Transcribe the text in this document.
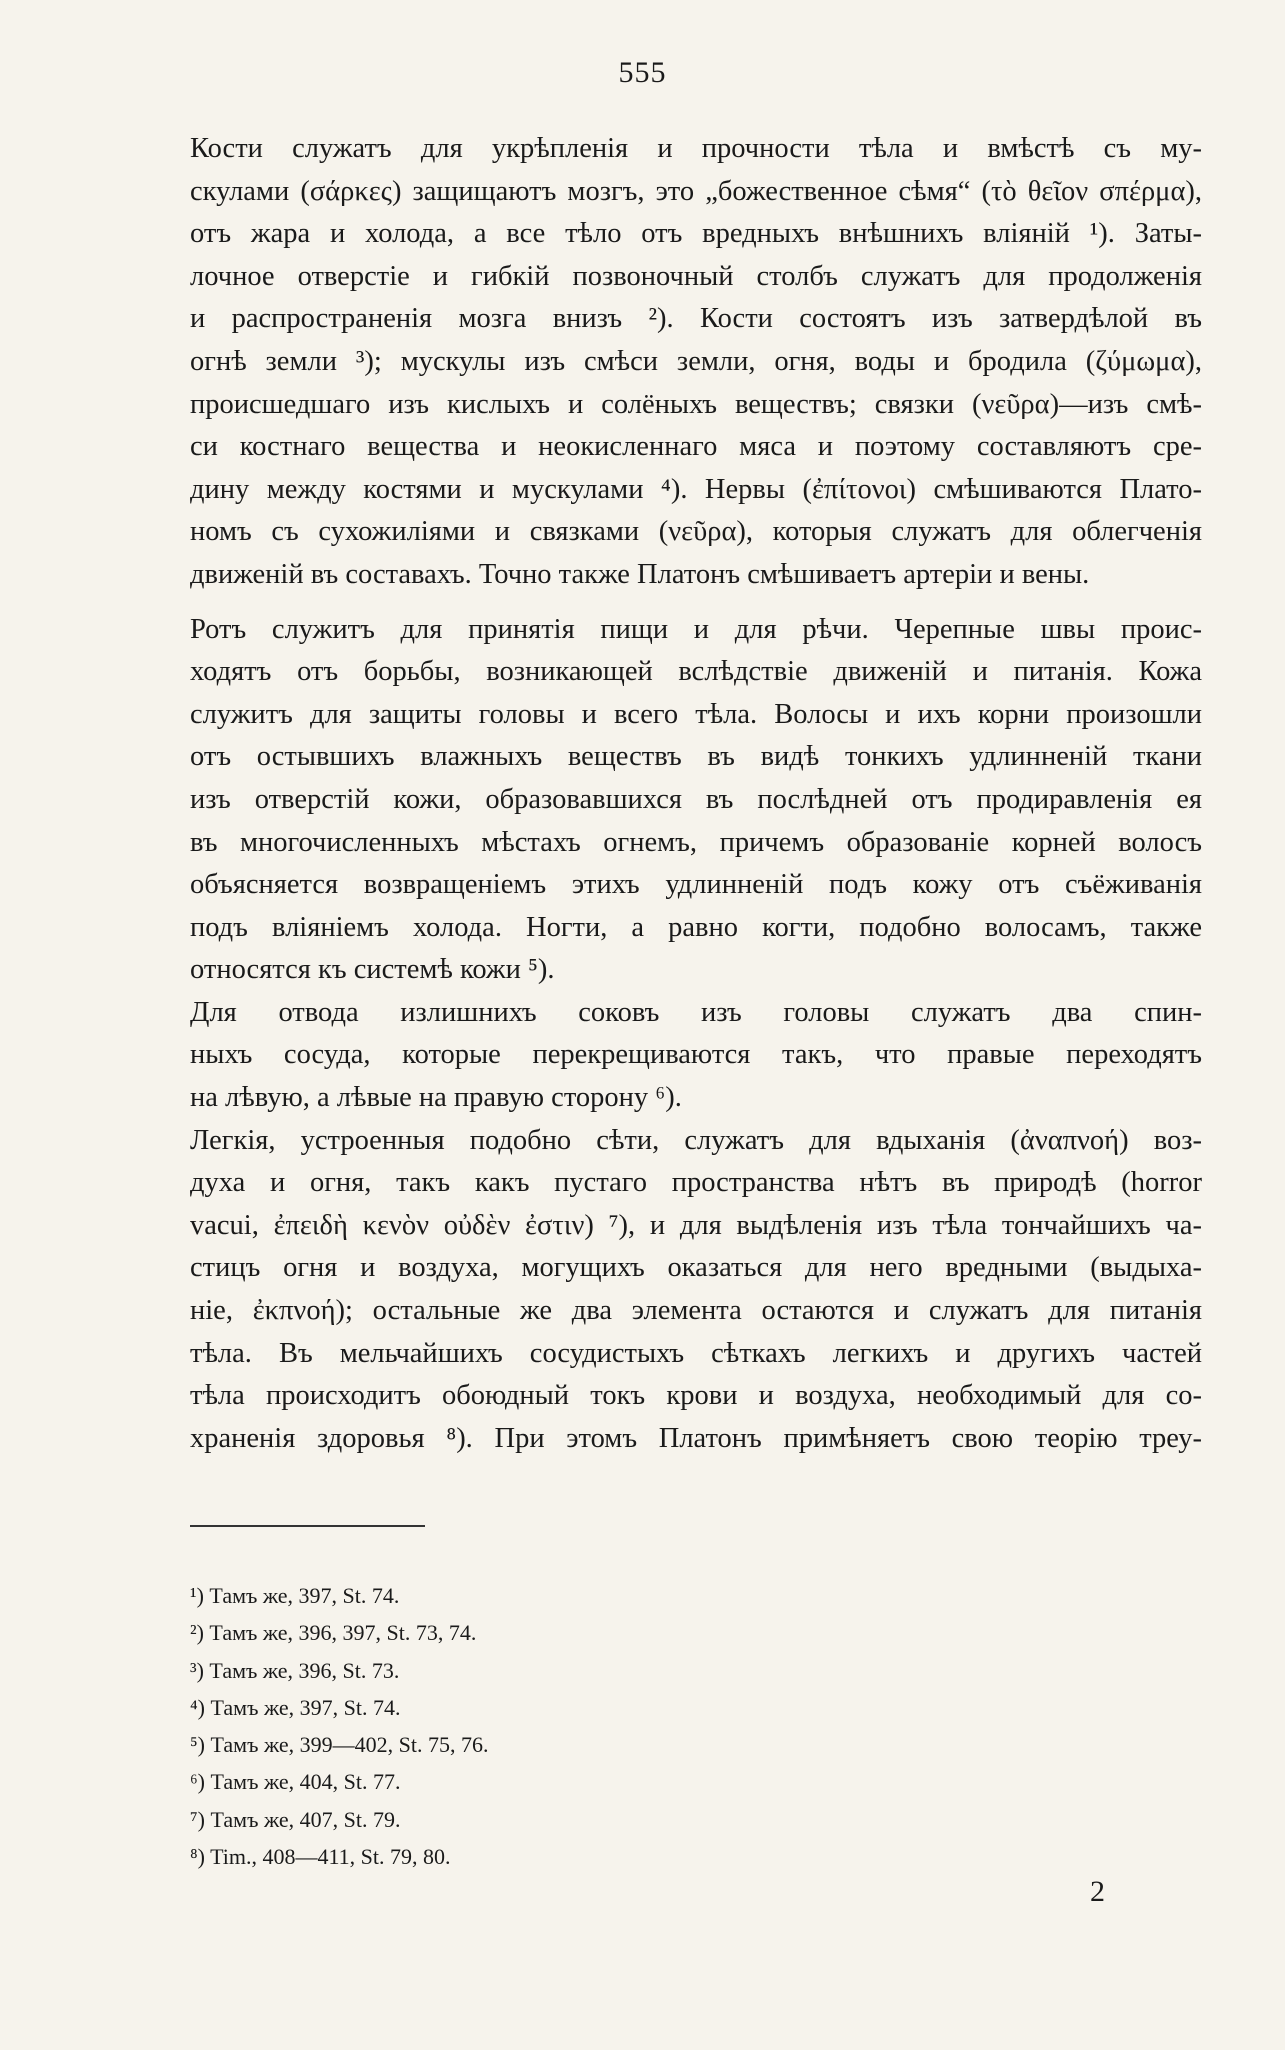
555
Кости служатъ для укрѣпленія и прочности тѣла и вмѣстѣ съ му-
скулами (σάρκες) защищаютъ мозгъ, это „божественное сѣмя“ (τὸ θεῖον σπέρμα),
отъ жара и холода, а все тѣло отъ вредныхъ внѣшнихъ вліяній ¹). Заты-
лочное отверстіе и гибкій позвоночный столбъ служатъ для продолженія
и распространенія мозга внизъ ²). Кости состоятъ изъ затвердѣлой въ
огнѣ земли ³); мускулы изъ смѣси земли, огня, воды и бродила (ζύμωμα),
происшедшаго изъ кислыхъ и солёныхъ веществъ; связки (νεῦρα)—изъ смѣ-
си костнаго вещества и неокисленнаго мяса и поэтому составляютъ сре-
дину между костями и мускулами ⁴). Нервы (ἐπίτονοι) смѣшиваются Плато-
номъ съ сухожиліями и связками (νεῦρα), которыя служатъ для облегченія
движеній въ составахъ. Точно также Платонъ смѣшиваетъ артеріи и вены.
Ротъ служитъ для принятія пищи и для рѣчи. Черепные швы проис-
ходятъ отъ борьбы, возникающей вслѣдствіе движеній и питанія. Кожа
служитъ для защиты головы и всего тѣла. Волосы и ихъ корни произошли
отъ остывшихъ влажныхъ веществъ въ видѣ тонкихъ удлинненій ткани
изъ отверстій кожи, образовавшихся въ послѣдней отъ продиравленія ея
въ многочисленныхъ мѣстахъ огнемъ, причемъ образованіе корней волосъ
объясняется возвращеніемъ этихъ удлинненій подъ кожу отъ съёживанія
подъ вліяніемъ холода. Ногти, а равно когти, подобно волосамъ, также
относятся къ системѣ кожи ⁵).
Для отвода излишнихъ соковъ изъ головы служатъ два спин-
ныхъ сосуда, которые перекрещиваются такъ, что правые переходятъ
на лѣвую, а лѣвые на правую сторону ⁶).
Легкія, устроенныя подобно сѣти, служатъ для вдыханія (ἀναπνοή) воз-
духа и огня, такъ какъ пустаго пространства нѣтъ въ природѣ (horror
vacui, ἐπειδὴ κενὸν οὐδὲν ἐστιν) ⁷), и для выдѣленія изъ тѣла тончайшихъ ча-
стицъ огня и воздуха, могущихъ оказаться для него вредными (выдыха-
ніе, ἐκπνοή); остальные же два элемента остаются и служатъ для питанія
тѣла. Въ мельчайшихъ сосудистыхъ сѣткахъ легкихъ и другихъ частей
тѣла происходитъ обоюдный токъ крови и воздуха, необходимый для со-
храненія здоровья ⁸). При этомъ Платонъ примѣняетъ свою теорію треу-
¹) Тамъ же, 397, St. 74.
²) Тамъ же, 396, 397, St. 73, 74.
³) Тамъ же, 396, St. 73.
⁴) Тамъ же, 397, St. 74.
⁵) Тамъ же, 399—402, St. 75, 76.
⁶) Тамъ же, 404, St. 77.
⁷) Тамъ же, 407, St. 79.
⁸) Tim., 408—411, St. 79, 80.
2
